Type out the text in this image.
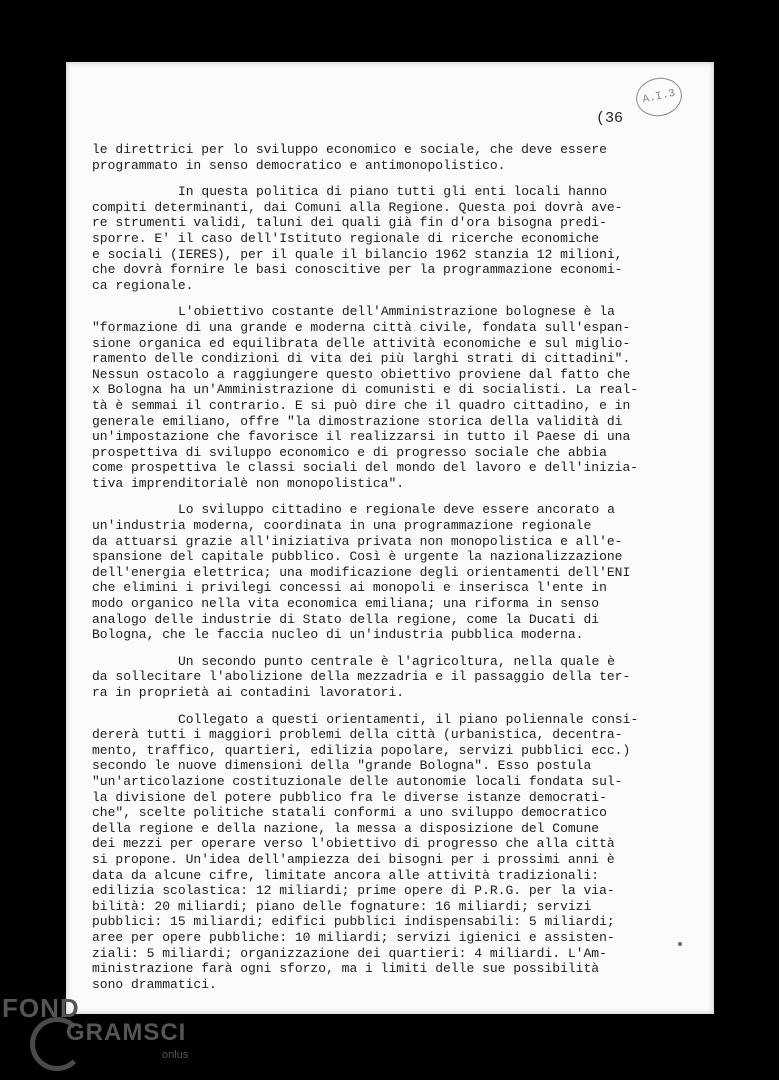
A.I.3
(36
le direttrici per lo sviluppo economico e sociale, che deve essere
programmato in senso democratico e antimonopolistico.
In questa politica di piano tutti gli enti locali hanno
compiti determinanti, dai Comuni alla Regione. Questa poi dovrà ave-
re strumenti validi, taluni dei quali già fin d'ora bisogna predi-
sporre. E' il caso dell'Istituto regionale di ricerche economiche
e sociali (IERES), per il quale il bilancio 1962 stanzia 12 milioni,
che dovrà fornire le basi conoscitive per la programmazione economi-
ca regionale.
L'obiettivo costante dell'Amministrazione bolognese è la
"formazione di una grande e moderna città civile, fondata sull'espan-
sione organica ed equilibrata delle attività economiche e sul miglio-
ramento delle condizioni di vita dei più larghi strati di cittadini".
Nessun ostacolo a raggiungere questo obiettivo proviene dal fatto che
x Bologna ha un'Amministrazione di comunisti e di socialisti. La real-
tà è semmai il contrario. E si può dire che il quadro cittadino, e in
generale emiliano, offre "la dimostrazione storica della validità di
un'impostazione che favorisce il realizzarsi in tutto il Paese di una
prospettiva di sviluppo economico e di progresso sociale che abbia
come prospettiva le classi sociali del mondo del lavoro e dell'inizia-
tiva imprenditorialè non monopolistica".
Lo sviluppo cittadino e regionale deve essere ancorato a
un'industria moderna, coordinata in una programmazione regionale
da attuarsi grazie all'iniziativa privata non monopolistica e all'e-
spansione del capitale pubblico. Così è urgente la nazionalizzazione
dell'energia elettrica; una modificazione degli orientamenti dell'ENI
che elimini i privilegi concessi ai monopoli e inserisca l'ente in
modo organico nella vita economica emiliana; una riforma in senso
analogo delle industrie di Stato della regione, come la Ducati di
Bologna, che le faccia nucleo di un'industria pubblica moderna.
Un secondo punto centrale è l'agricoltura, nella quale è
da sollecitare l'abolizione della mezzadria e il passaggio della ter-
ra in proprietà ai contadini lavoratori.
Collegato a questi orientamenti, il piano poliennale consi-
dererà tutti i maggiori problemi della città (urbanistica, decentra-
mento, traffico, quartieri, edilizia popolare, servizi pubblici ecc.)
secondo le nuove dimensioni della "grande Bologna". Esso postula
"un'articolazione costituzionale delle autonomie locali fondata sul-
la divisione del potere pubblico fra le diverse istanze democrati-
che", scelte politiche statali conformi a uno sviluppo democratico
della regione e della nazione, la messa a disposizione del Comune
dei mezzi per operare verso l'obiettivo di progresso che alla città
si propone. Un'idea dell'ampiezza dei bisogni per i prossimi anni è
data da alcune cifre, limitate ancora alle attività tradizionali:
edilizia scolastica: 12 miliardi; prime opere di P.R.G. per la via-
bilità: 20 miliardi; piano delle fognature: 16 miliardi; servizi
pubblici: 15 miliardi; edifici pubblici indispensabili: 5 miliardi;
aree per opere pubbliche: 10 miliardi; servizi igienici e assisten-
ziali: 5 miliardi; organizzazione dei quartieri: 4 miliardi. L'Am-
ministrazione farà ogni sforzo, ma i limiti delle sue possibilità
sono drammatici.
FOND
GRAMSCI
onlus
